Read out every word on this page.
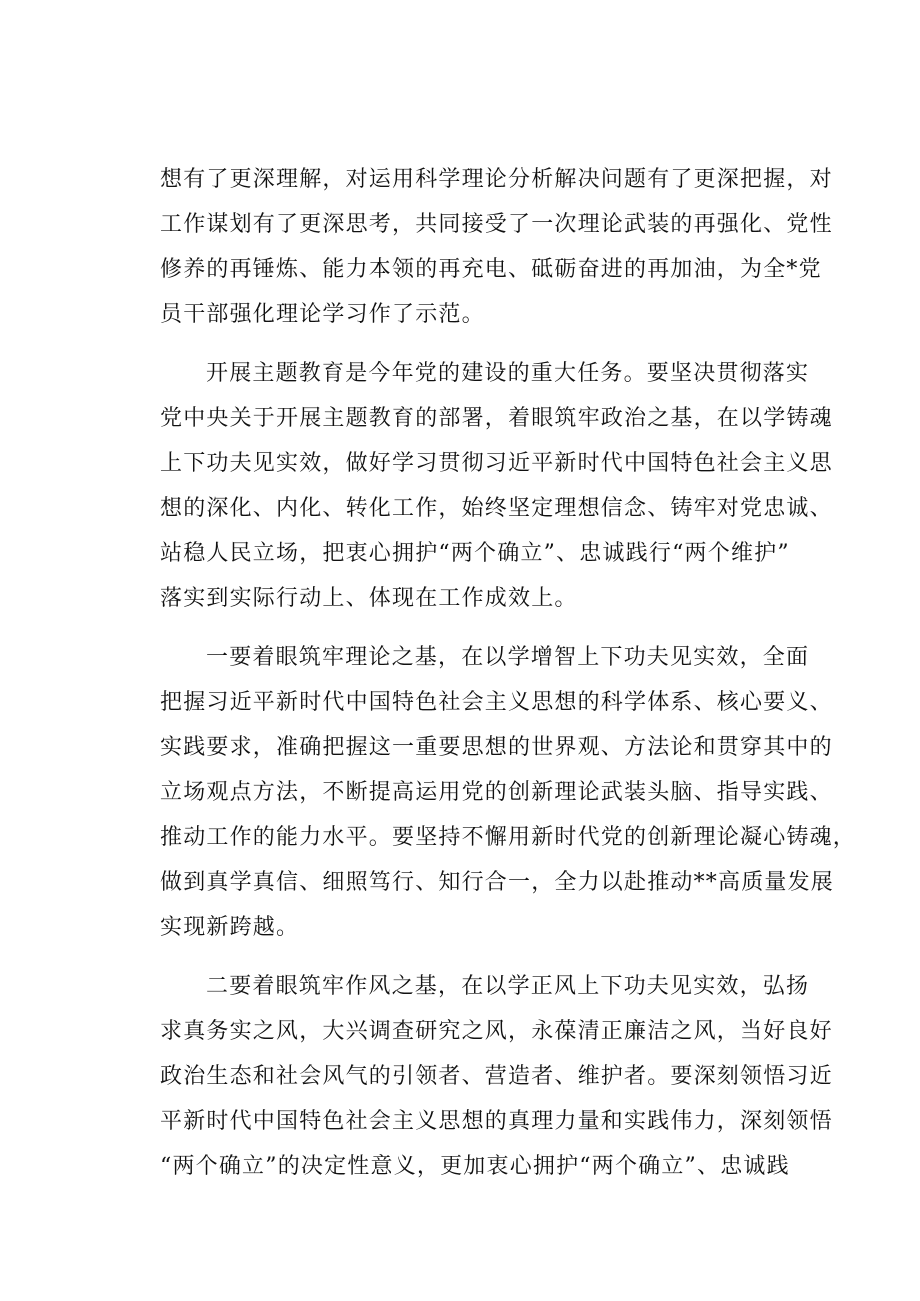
想有了更深理解，对运用科学理论分析解决问题有了更深把握，对
工作谋划有了更深思考，共同接受了一次理论武装的再强化、党性
修养的再锤炼、能力本领的再充电、砥砺奋进的再加油，为全*党
员干部强化理论学习作了示范。

开展主题教育是今年党的建设的重大任务。要坚决贯彻落实
党中央关于开展主题教育的部署，着眼筑牢政治之基，在以学铸魂
上下功夫见实效，做好学习贯彻习近平新时代中国特色社会主义思
想的深化、内化、转化工作，始终坚定理想信念、铸牢对党忠诚、
站稳人民立场，把衷心拥护“两个确立”、忠诚践行“两个维护”
落实到实际行动上、体现在工作成效上。

一要着眼筑牢理论之基，在以学增智上下功夫见实效，全面
把握习近平新时代中国特色社会主义思想的科学体系、核心要义、
实践要求，准确把握这一重要思想的世界观、方法论和贯穿其中的
立场观点方法，不断提高运用党的创新理论武装头脑、指导实践、
推动工作的能力水平。要坚持不懈用新时代党的创新理论凝心铸魂，
做到真学真信、细照笃行、知行合一，全力以赴推动**高质量发展
实现新跨越。

二要着眼筑牢作风之基，在以学正风上下功夫见实效，弘扬
求真务实之风，大兴调查研究之风，永葆清正廉洁之风，当好良好
政治生态和社会风气的引领者、营造者、维护者。要深刻领悟习近
平新时代中国特色社会主义思想的真理力量和实践伟力，深刻领悟
“两个确立”的决定性意义，更加衷心拥护“两个确立”、忠诚践
